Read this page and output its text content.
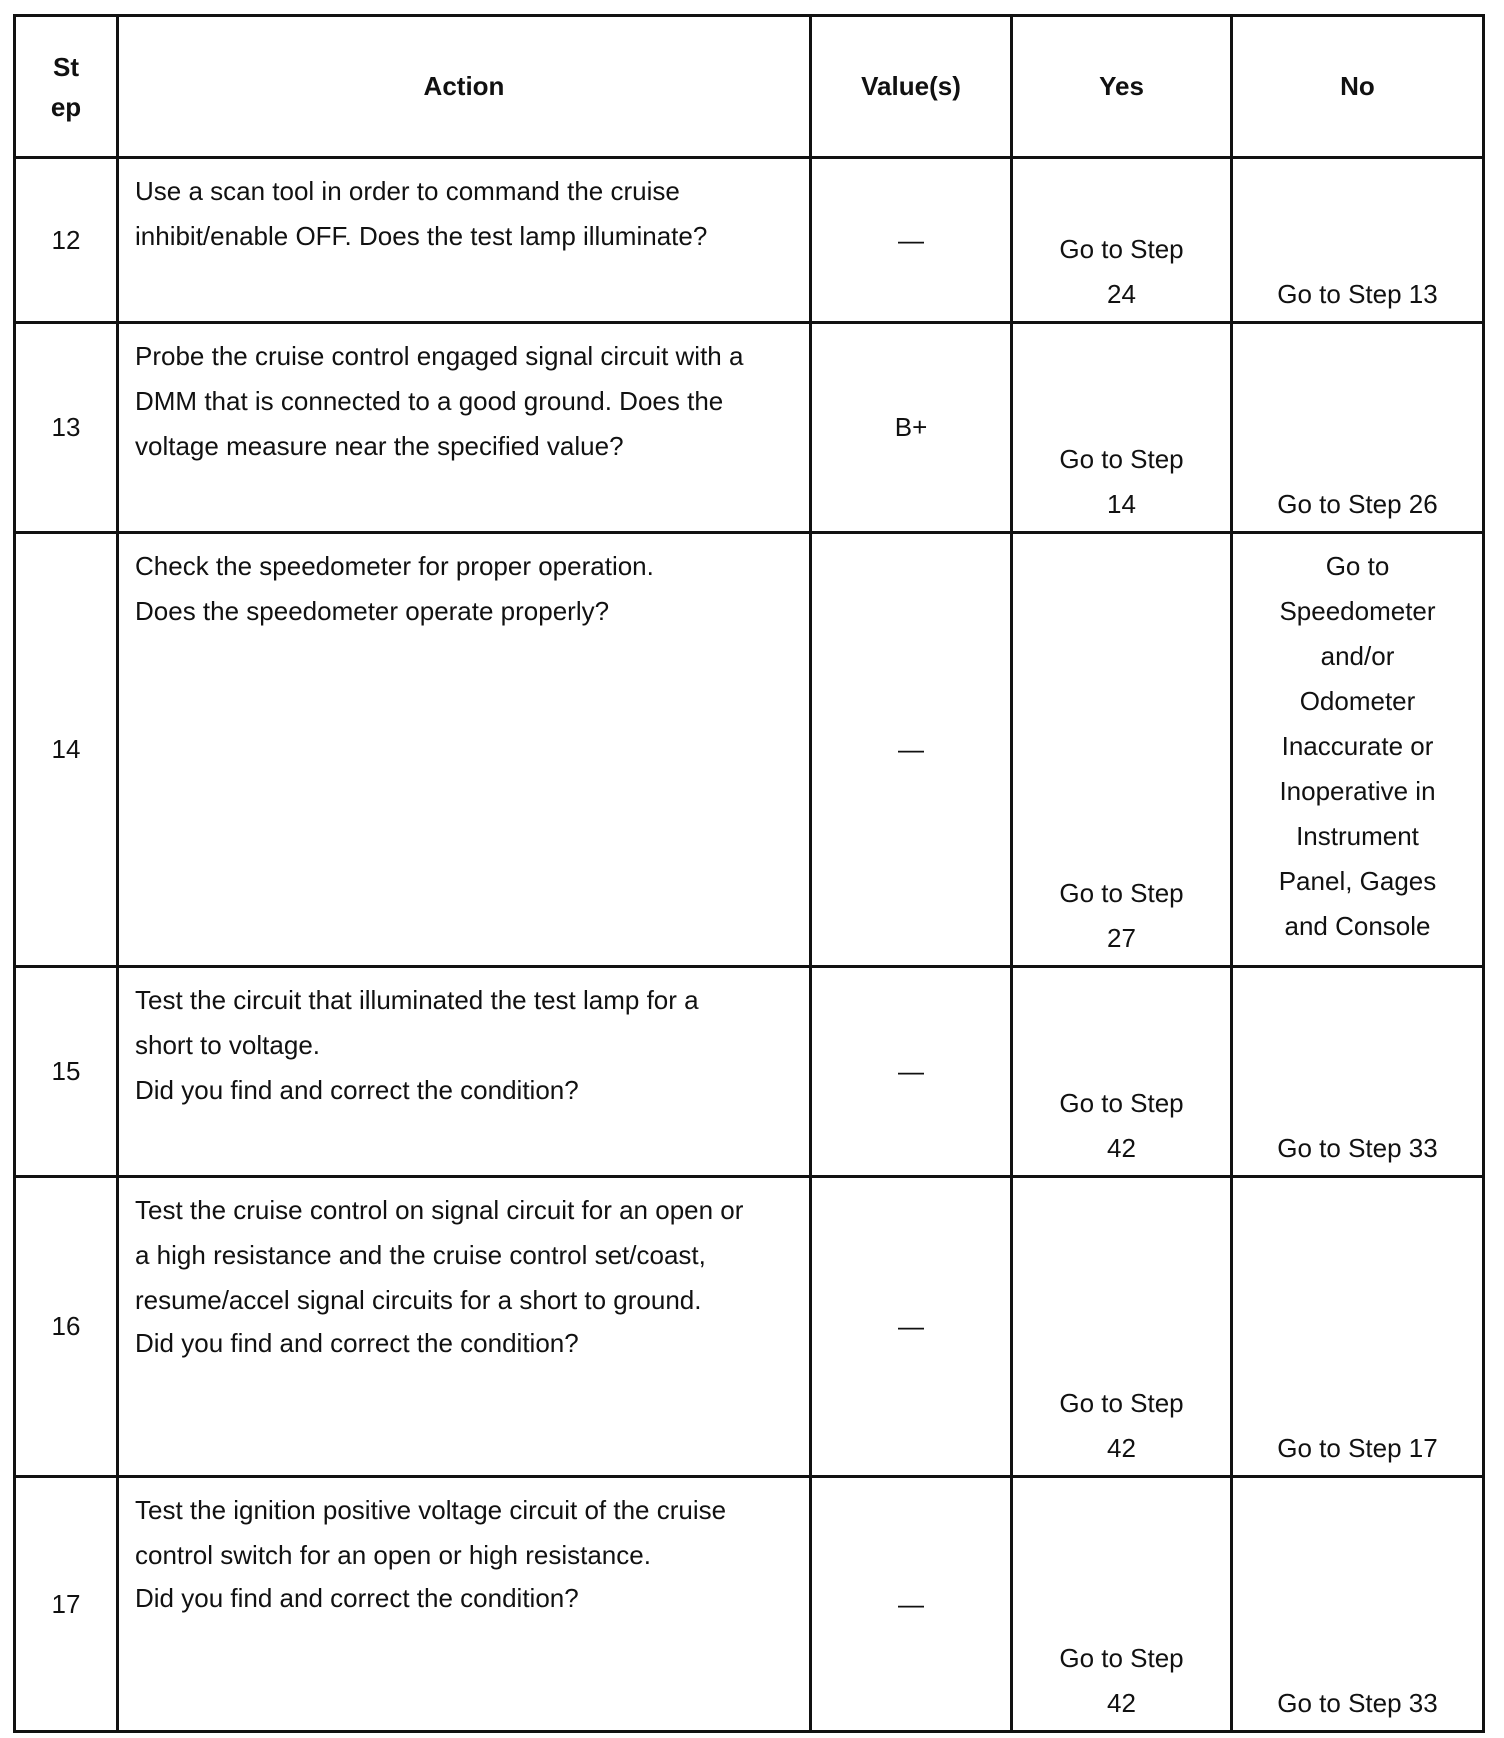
St
ep	Action	Value(s)	Yes	No
12	Use a scan tool in order to command the cruise inhibit/enable OFF. Does the test lamp illuminate?	—	Go to Step 24	Go to Step 13
13	Probe the cruise control engaged signal circuit with a DMM that is connected to a good ground. Does the voltage measure near the specified value?	B+	Go to Step 14	Go to Step 26
14	Check the speedometer for proper operation.

Does the speedometer operate properly?	—	Go to Step 27	Go to Speedometer and/or Odometer Inaccurate or Inoperative in Instrument Panel, Gages and Console
15	Test the circuit that illuminated the test lamp for a short to voltage.

Did you find and correct the condition?	—	Go to Step 42	Go to Step 33
16	Test the cruise control on signal circuit for an open or a high resistance and the cruise control set/coast, resume/accel signal circuits for a short to ground.

Did you find and correct the condition?	—	Go to Step 42	Go to Step 17
17	Test the ignition positive voltage circuit of the cruise control switch for an open or high resistance.

Did you find and correct the condition?	—	Go to Step 42	Go to Step 33
